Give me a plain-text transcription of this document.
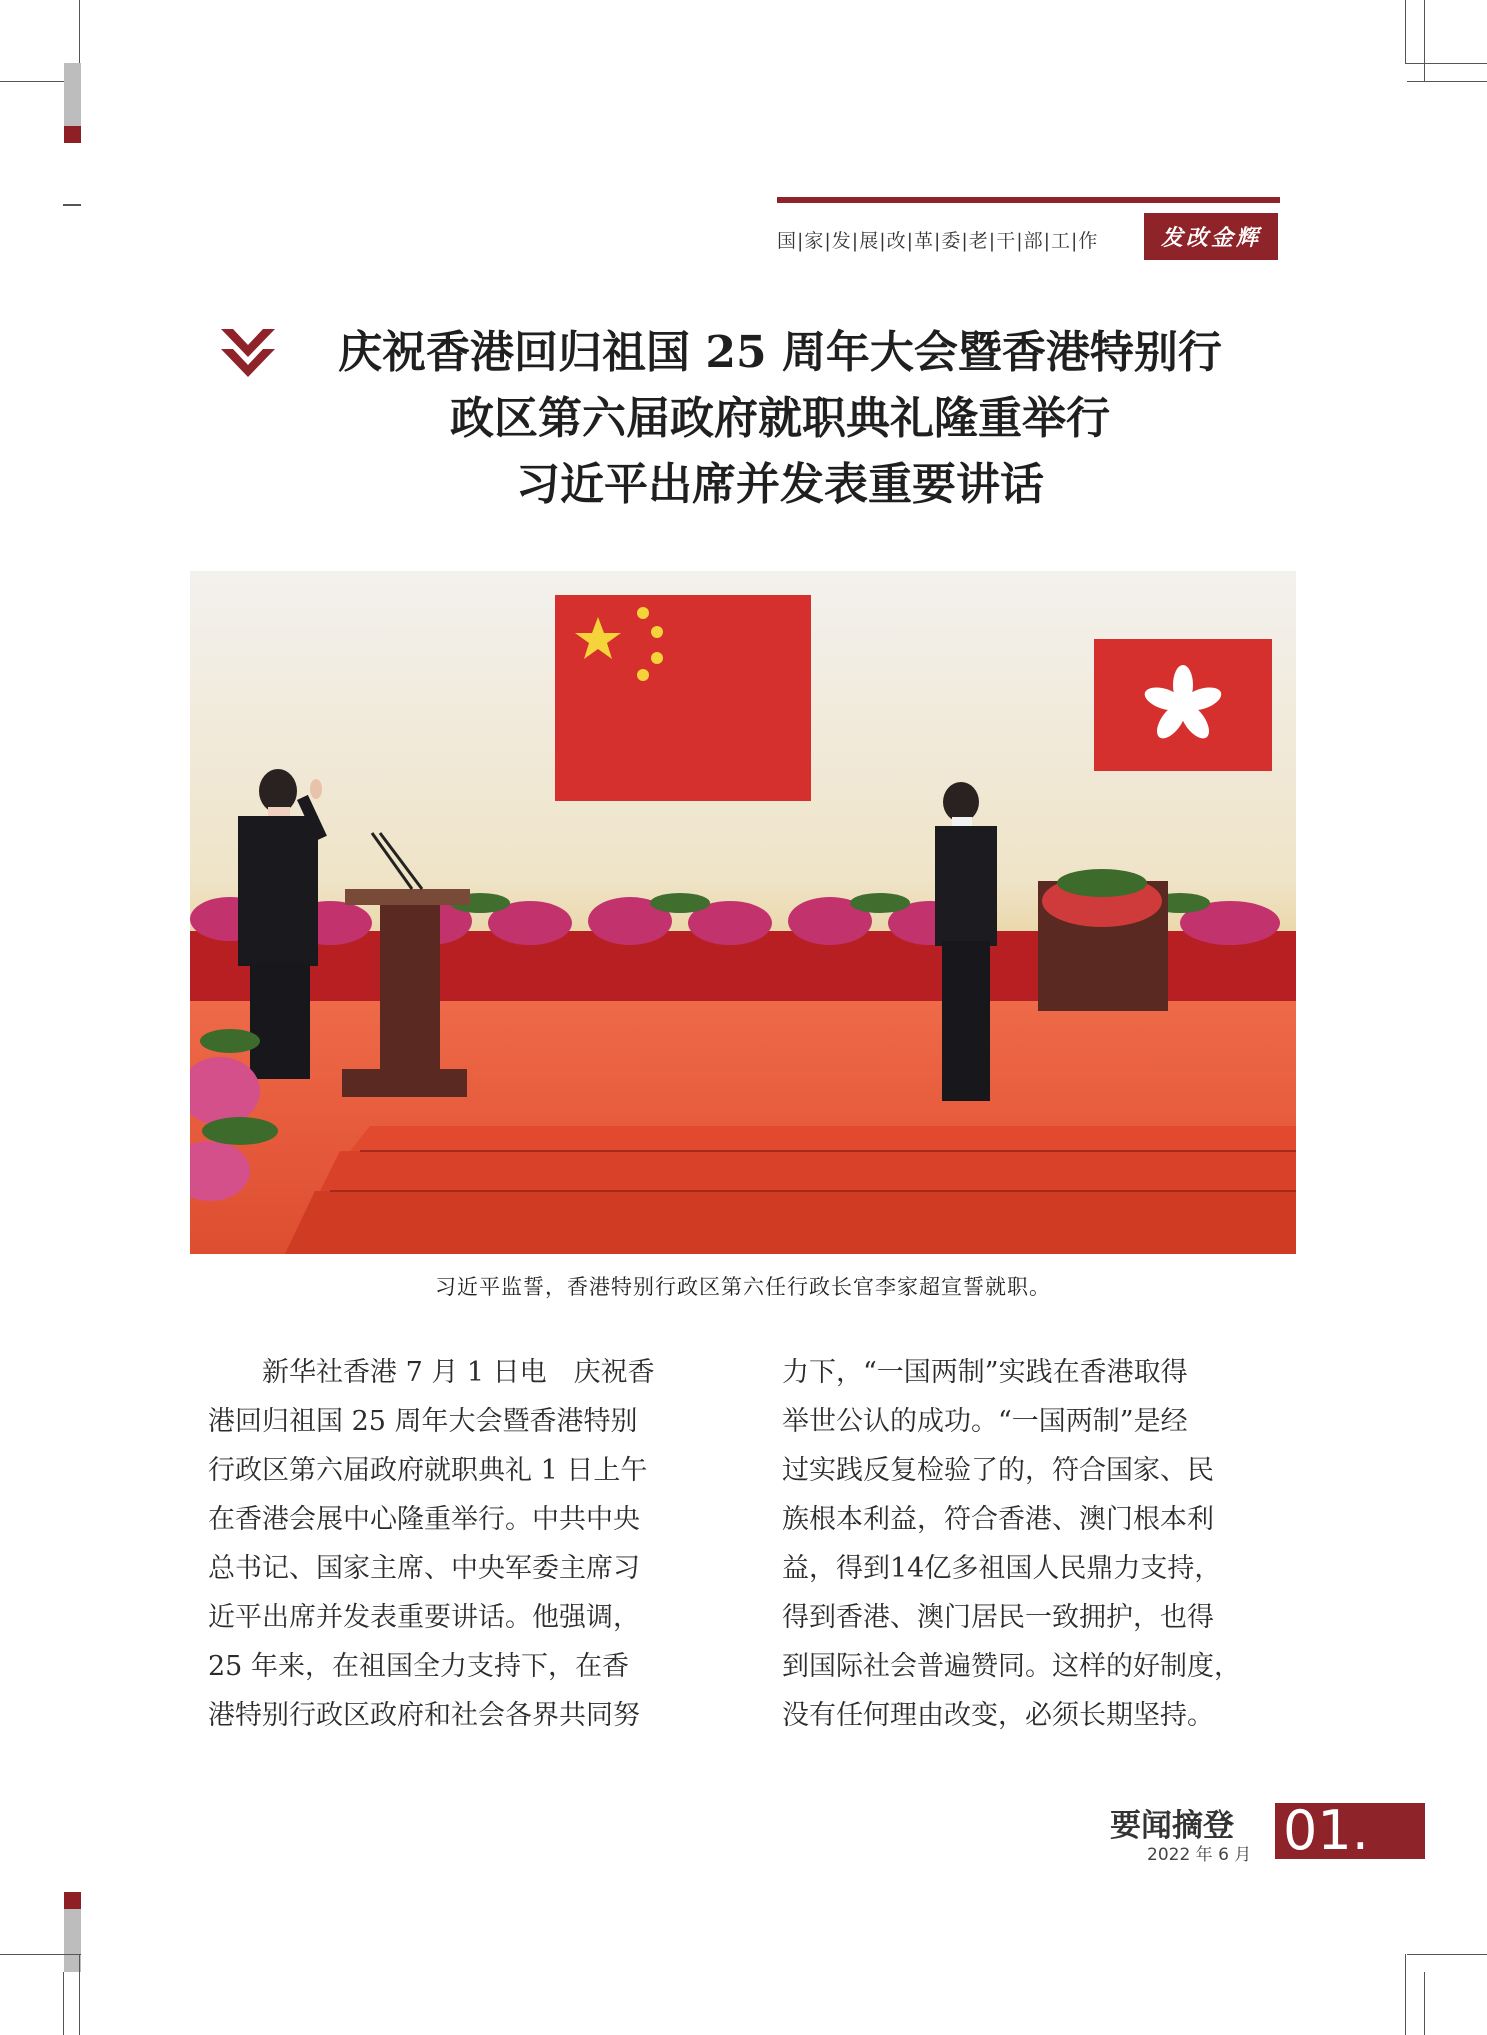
国|家|发|展|改|革|委|老|干|部|工|作	发改金辉
庆祝香港回归祖国 25 周年大会暨香港特别行
政区第六届政府就职典礼隆重举行
习近平出席并发表重要讲话
习近平监誓，香港特别行政区第六任行政长官李家超宣誓就职。
　　新华社香港 7 月 1 日电　庆祝香
港回归祖国 25 周年大会暨香港特别
行政区第六届政府就职典礼 1 日上午
在香港会展中心隆重举行。中共中央
总书记、国家主席、中央军委主席习
近平出席并发表重要讲话。他强调，
25 年来，在祖国全力支持下，在香
港特别行政区政府和社会各界共同努
力下，“一国两制”实践在香港取得
举世公认的成功。“一国两制”是经
过实践反复检验了的，符合国家、民
族根本利益，符合香港、澳门根本利
益，得到14亿多祖国人民鼎力支持，
得到香港、澳门居民一致拥护，也得
到国际社会普遍赞同。这样的好制度，
没有任何理由改变，必须长期坚持。
要闻摘登
2022 年 6 月 01.
